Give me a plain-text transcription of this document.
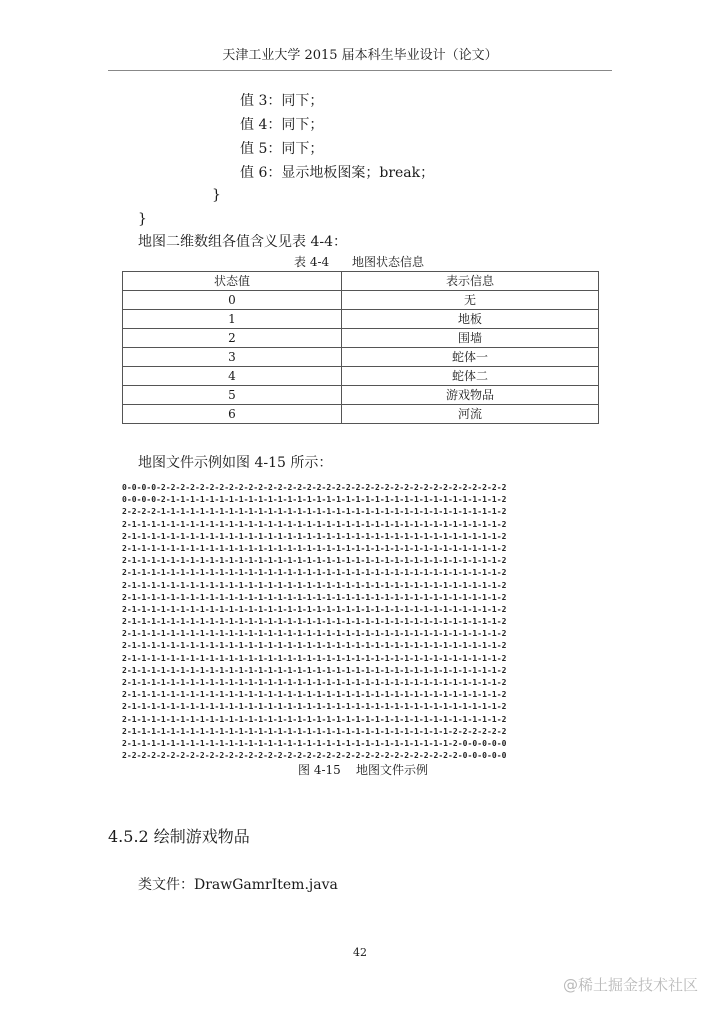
天津工业大学 2015 届本科生毕业设计（论文）
值 3：同下；
值 4：同下；
值 5：同下；
值 6：显示地板图案；break；
}
}
地图二维数组各值含义见表 4-4：
表 4-4      地图状态信息
状态值	表示信息
0	无
1	地板
2	围墙
3	蛇体一
4	蛇体二
5	游戏物品
6	河流
地图文件示例如图 4-15 所示：
0-0-0-0-2-2-2-2-2-2-2-2-2-2-2-2-2-2-2-2-2-2-2-2-2-2-2-2-2-2-2-2-2-2-2-2-2-2-2-2
0-0-0-0-2-1-1-1-1-1-1-1-1-1-1-1-1-1-1-1-1-1-1-1-1-1-1-1-1-1-1-1-1-1-1-1-1-1-1-2
2-2-2-2-1-1-1-1-1-1-1-1-1-1-1-1-1-1-1-1-1-1-1-1-1-1-1-1-1-1-1-1-1-1-1-1-1-1-1-2
2-1-1-1-1-1-1-1-1-1-1-1-1-1-1-1-1-1-1-1-1-1-1-1-1-1-1-1-1-1-1-1-1-1-1-1-1-1-1-2
2-1-1-1-1-1-1-1-1-1-1-1-1-1-1-1-1-1-1-1-1-1-1-1-1-1-1-1-1-1-1-1-1-1-1-1-1-1-1-2
2-1-1-1-1-1-1-1-1-1-1-1-1-1-1-1-1-1-1-1-1-1-1-1-1-1-1-1-1-1-1-1-1-1-1-1-1-1-1-2
2-1-1-1-1-1-1-1-1-1-1-1-1-1-1-1-1-1-1-1-1-1-1-1-1-1-1-1-1-1-1-1-1-1-1-1-1-1-1-2
2-1-1-1-1-1-1-1-1-1-1-1-1-1-1-1-1-1-1-1-1-1-1-1-1-1-1-1-1-1-1-1-1-1-1-1-1-1-1-2
2-1-1-1-1-1-1-1-1-1-1-1-1-1-1-1-1-1-1-1-1-1-1-1-1-1-1-1-1-1-1-1-1-1-1-1-1-1-1-2
2-1-1-1-1-1-1-1-1-1-1-1-1-1-1-1-1-1-1-1-1-1-1-1-1-1-1-1-1-1-1-1-1-1-1-1-1-1-1-2
2-1-1-1-1-1-1-1-1-1-1-1-1-1-1-1-1-1-1-1-1-1-1-1-1-1-1-1-1-1-1-1-1-1-1-1-1-1-1-2
2-1-1-1-1-1-1-1-1-1-1-1-1-1-1-1-1-1-1-1-1-1-1-1-1-1-1-1-1-1-1-1-1-1-1-1-1-1-1-2
2-1-1-1-1-1-1-1-1-1-1-1-1-1-1-1-1-1-1-1-1-1-1-1-1-1-1-1-1-1-1-1-1-1-1-1-1-1-1-2
2-1-1-1-1-1-1-1-1-1-1-1-1-1-1-1-1-1-1-1-1-1-1-1-1-1-1-1-1-1-1-1-1-1-1-1-1-1-1-2
2-1-1-1-1-1-1-1-1-1-1-1-1-1-1-1-1-1-1-1-1-1-1-1-1-1-1-1-1-1-1-1-1-1-1-1-1-1-1-2
2-1-1-1-1-1-1-1-1-1-1-1-1-1-1-1-1-1-1-1-1-1-1-1-1-1-1-1-1-1-1-1-1-1-1-1-1-1-1-2
2-1-1-1-1-1-1-1-1-1-1-1-1-1-1-1-1-1-1-1-1-1-1-1-1-1-1-1-1-1-1-1-1-1-1-1-1-1-1-2
2-1-1-1-1-1-1-1-1-1-1-1-1-1-1-1-1-1-1-1-1-1-1-1-1-1-1-1-1-1-1-1-1-1-1-1-1-1-1-2
2-1-1-1-1-1-1-1-1-1-1-1-1-1-1-1-1-1-1-1-1-1-1-1-1-1-1-1-1-1-1-1-1-1-1-1-1-1-1-2
2-1-1-1-1-1-1-1-1-1-1-1-1-1-1-1-1-1-1-1-1-1-1-1-1-1-1-1-1-1-1-1-1-1-1-1-1-1-1-2
2-1-1-1-1-1-1-1-1-1-1-1-1-1-1-1-1-1-1-1-1-1-1-1-1-1-1-1-1-1-1-1-1-1-2-2-2-2-2-2
2-1-1-1-1-1-1-1-1-1-1-1-1-1-1-1-1-1-1-1-1-1-1-1-1-1-1-1-1-1-1-1-1-1-2-0-0-0-0-0
2-2-2-2-2-2-2-2-2-2-2-2-2-2-2-2-2-2-2-2-2-2-2-2-2-2-2-2-2-2-2-2-2-2-2-0-0-0-0-0
图 4-15    地图文件示例
4.5.2 绘制游戏物品
类文件：DrawGamrItem.java
42
@稀土掘金技术社区
